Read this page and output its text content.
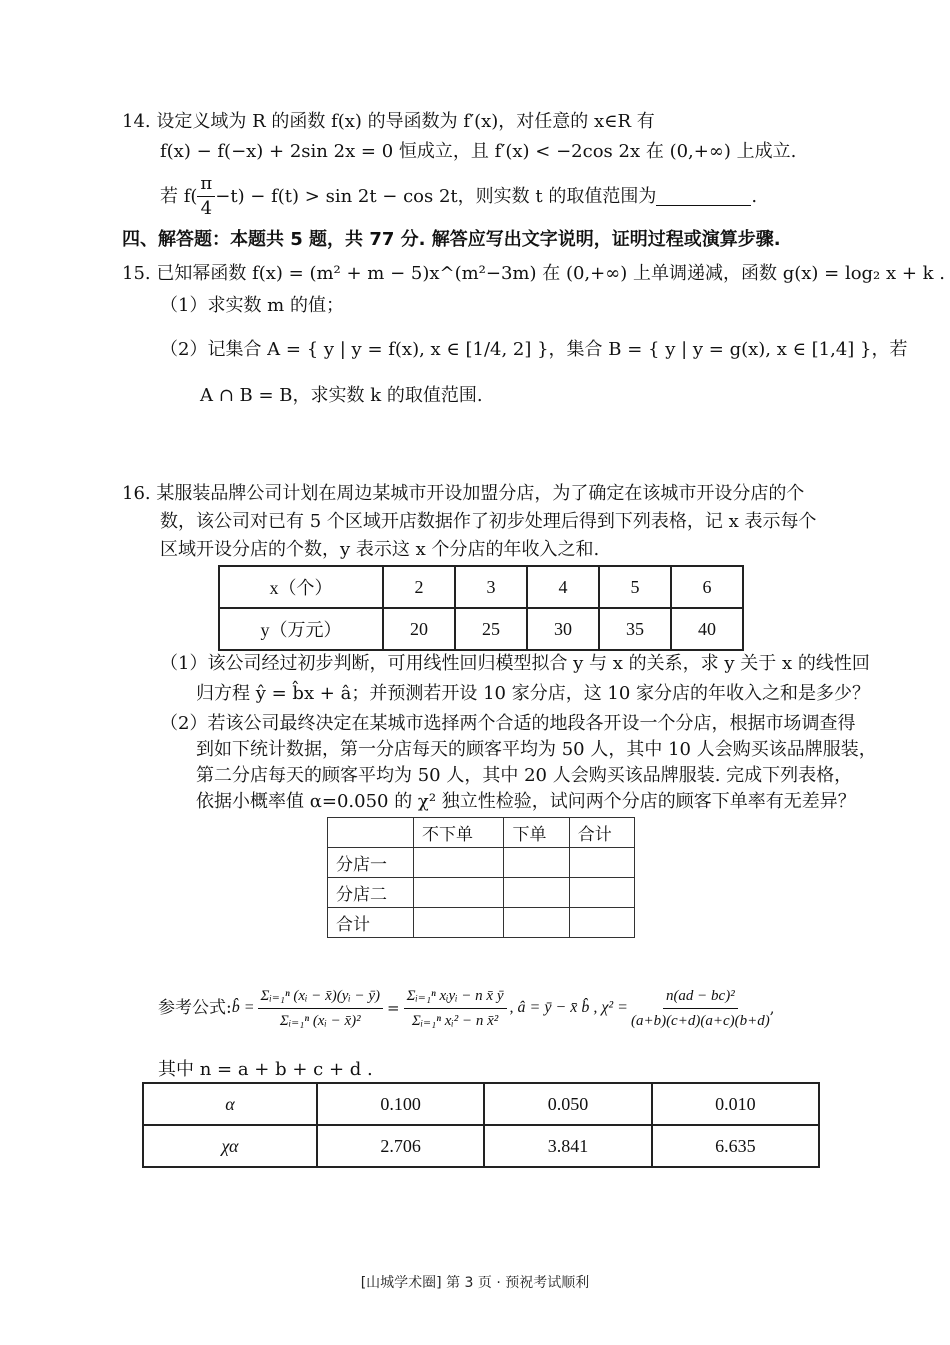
14. 设定义域为 R 的函数 f(x) 的导函数为 f′(x)，对任意的 x∈R 有
f(x) − f(−x) + 2sin 2x = 0 恒成立，且 f′(x) < −2cos 2x 在 (0,+∞) 上成立.
若 $f( \frac{\pi}{4} -t) - f(t) > \sin 2t - \cos 2t$，则实数 t 的取值范围为	.
四、解答题：本题共 5 题，共 77 分. 解答应写出文字说明，证明过程或演算步骤.
15. 已知幂函数 f(x) = (m² + m − 5)x^(m²−3m) 在 (0,+∞) 上单调递减，函数 g(x) = log₂ x + k .
（1）求实数 m 的值；
（2）记集合 A = { y | y = f(x), x ∈ [1/4, 2] }，集合 B = { y | y = g(x), x ∈ [1,4] }，若
A ∩ B = B，求实数 k 的取值范围.
16. 某服装品牌公司计划在周边某城市开设加盟分店，为了确定在该城市开设分店的个
数，该公司对已有 5 个区域开店数据作了初步处理后得到下列表格，记 x 表示每个
区域开设分店的个数，y 表示这 x 个分店的年收入之和.
x（个）	2	3	4	5	6
y（万元）	20	25	30	35	40
（1）该公司经过初步判断，可用线性回归模型拟合 y 与 x 的关系，求 y 关于 x 的线性回
归方程 ŷ = b̂x + â；并预测若开设 10 家分店，这 10 家分店的年收入之和是多少？
（2）若该公司最终决定在某城市选择两个合适的地段各开设一个分店，根据市场调查得
到如下统计数据，第一分店每天的顾客平均为 50 人，其中 10 人会购买该品牌服装，
第二分店每天的顾客平均为 50 人，其中 20 人会购买该品牌服装. 完成下列表格，
依据小概率值 α=0.050 的 χ² 独立性检验，试问两个分店的顾客下单率有无差异？
	不下单	下单	合计
分店一			
分店二			
合计			
参考公式: b̂ = $\frac{\text{Σᵢ₌₁ⁿ (xᵢ − x̄)(yᵢ − ȳ)}}{\text{Σᵢ₌₁ⁿ (xᵢ − x̄)²}} = \frac{\text{Σᵢ₌₁ⁿ xᵢyᵢ − n x̄ ȳ}}{\text{Σᵢ₌₁ⁿ xᵢ² − n x̄²}}$ , â = ȳ − x̄ b̂ , $\chi^2 = \frac{\text{n(ad − bc)²}}{(a+b)(c+d)(a+c)(b+d)}$ ,
其中 n = a + b + c + d .
α	0.100	0.050	0.010
χα	2.706	3.841	6.635
[山城学术圈] 第 3 页 · 预祝考试顺利
